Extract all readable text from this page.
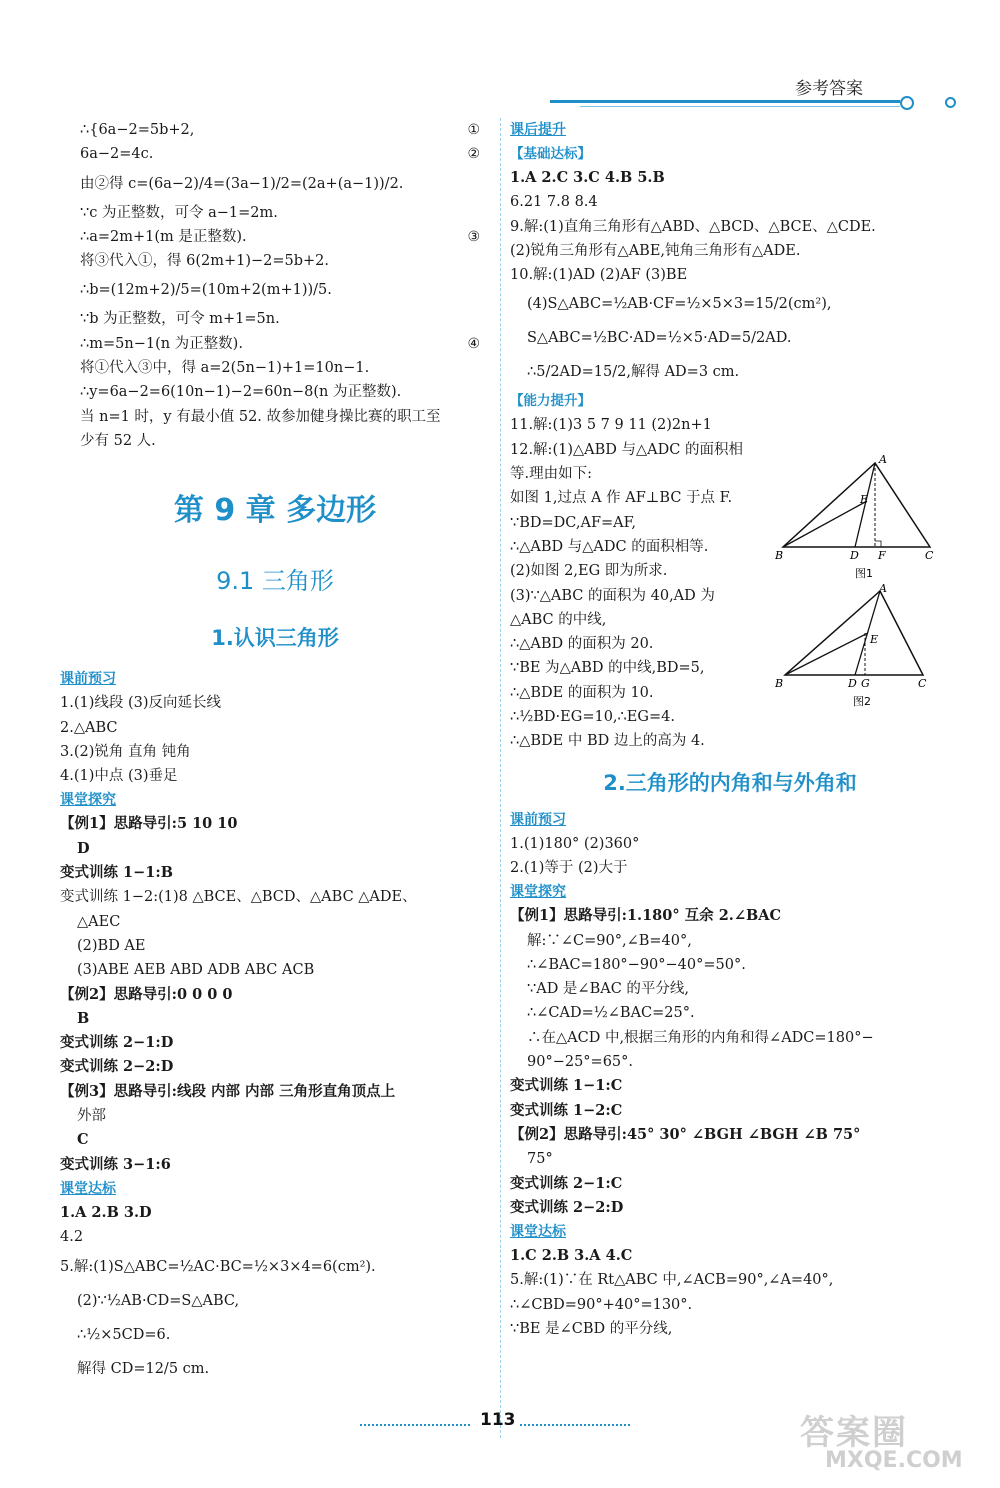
参考答案
∴{6a−2=5b+2,	①
6a−2=4c.	②
由②得 c=(6a−2)/4=(3a−1)/2=(2a+(a−1))/2.
∵c 为正整数，可令 a−1=2m.
∴a=2m+1(m 是正整数).	③
将③代入①，得 6(2m+1)−2=5b+2.
∴b=(12m+2)/5=(10m+2(m+1))/5.
∵b 为正整数，可令 m+1=5n.
∴m=5n−1(n 为正整数).	④
将①代入③中，得 a=2(5n−1)+1=10n−1.
∴y=6a−2=6(10n−1)−2=60n−8(n 为正整数).
当 n=1 时，y 有最小值 52. 故参加健身操比赛的职工至
少有 52 人.
第 9 章 多边形
9.1 三角形
1.认识三角形
课前预习
1.(1)线段 (3)反向延长线
2.△ABC
3.(2)锐角 直角 钝角
4.(1)中点 (3)垂足
课堂探究
【例1】思路导引:5 10 10
D
变式训练 1−1:B
变式训练 1−2:(1)8 △BCE、△BCD、△ABC △ADE、
△AEC
(2)BD AE
(3)ABE AEB ABD ADB ABC ACB
【例2】思路导引:0 0 0 0
B
变式训练 2−1:D
变式训练 2−2:D
【例3】思路导引:线段 内部 内部 三角形直角顶点上
外部
C
变式训练 3−1:6
课堂达标
1.A 2.B 3.D
4.2
5.解:(1)S△ABC=½AC·BC=½×3×4=6(cm²).
(2)∵½AB·CD=S△ABC,
∴½×5CD=6.
解得 CD=12/5 cm.
课后提升
【基础达标】
1.A 2.C 3.C 4.B 5.B
6.21 7.8 8.4
9.解:(1)直角三角形有△ABD、△BCD、△BCE、△CDE.
(2)锐角三角形有△ABE,钝角三角形有△ADE.
10.解:(1)AD (2)AF (3)BE
(4)S△ABC=½AB·CF=½×5×3=15/2(cm²),
S△ABC=½BC·AD=½×5·AD=5/2AD.
∴5/2AD=15/2,解得 AD=3 cm.
【能力提升】
11.解:(1)3 5 7 9 11 (2)2n+1
12.解:(1)△ABD 与△ADC 的面积相
等.理由如下:
如图 1,过点 A 作 AF⊥BC 于点 F.
∵BD=DC,AF=AF,
∴△ABD 与△ADC 的面积相等.
(2)如图 2,EG 即为所求.
(3)∵△ABC 的面积为 40,AD 为
△ABC 的中线,
∴△ABD 的面积为 20.
∵BE 为△ABD 的中线,BD=5,
∴△BDE 的面积为 10.
∴½BD·EG=10,∴EG=4.
∴△BDE 中 BD 边上的高为 4.
2.三角形的内角和与外角和
课前预习
1.(1)180° (2)360°
2.(1)等于 (2)大于
课堂探究
【例1】思路导引:1.180° 互余 2.∠BAC
解:∵∠C=90°,∠B=40°,
∴∠BAC=180°−90°−40°=50°.
∵AD 是∠BAC 的平分线,
∴∠CAD=½∠BAC=25°.
∴在△ACD 中,根据三角形的内角和得∠ADC=180°−
90°−25°=65°.
变式训练 1−1:C
变式训练 1−2:C
【例2】思路导引:45° 30° ∠BGH ∠BGH ∠B 75°
75°
变式训练 2−1:C
变式训练 2−2:D
课堂达标
1.C 2.B 3.A 4.C
5.解:(1)∵在 Rt△ABC 中,∠ACB=90°,∠A=40°,
∴∠CBD=90°+40°=130°.
∵BE 是∠CBD 的平分线,
A
B	C
D
E
F
图1
A
B	C
D
E
G
图2
113	答案圈
MXQE.COM
